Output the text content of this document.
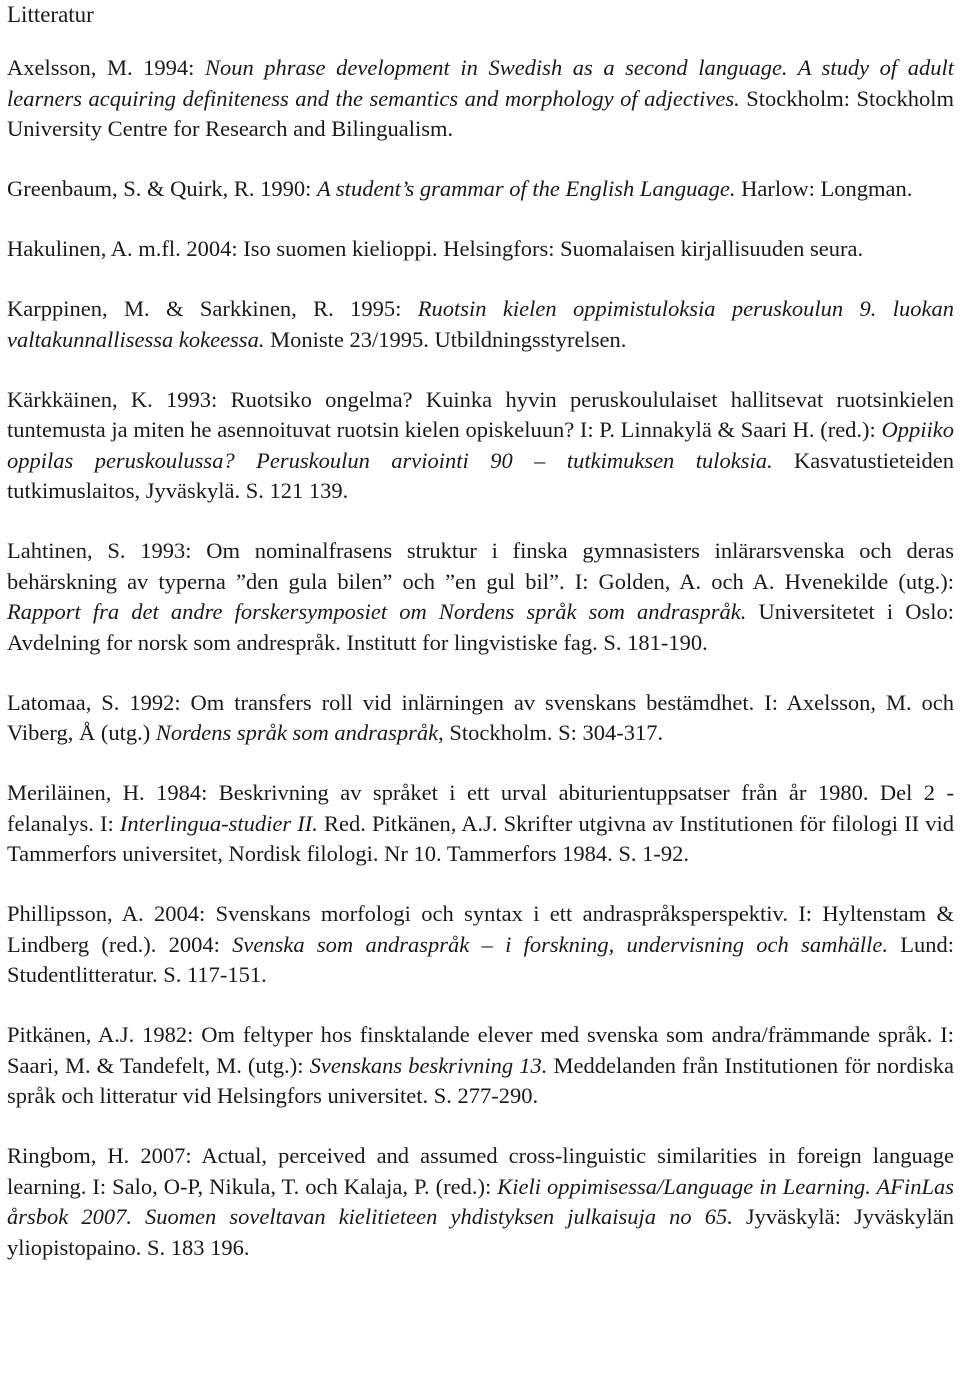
Litteratur

Axelsson, M. 1994: Noun phrase development in Swedish as a second language. A study of adult learners acquiring definiteness and the semantics and morphology of adjectives. Stockholm: Stockholm University Centre for Research and Bilingualism.

Greenbaum, S. & Quirk, R. 1990: A student’s grammar of the English Language. Harlow: Longman.

Hakulinen, A. m.fl. 2004: Iso suomen kielioppi. Helsingfors: Suomalaisen kirjallisuuden seura.

Karppinen, M. & Sarkkinen, R. 1995: Ruotsin kielen oppimistuloksia peruskoulun 9. luokan valtakunnallisessa kokeessa. Moniste 23/1995. Utbildningsstyrelsen.

Kärkkäinen, K. 1993: Ruotsiko ongelma? Kuinka hyvin peruskoululaiset hallitsevat ruotsinkielen tuntemusta ja miten he asennoituvat ruotsin kielen opiskeluun? I: P. Linnakylä & Saari H. (red.): Oppiiko oppilas peruskoulussa? Peruskoulun arviointi 90 – tutkimuksen tuloksia. Kasvatustieteiden tutkimuslaitos, Jyväskylä. S. 121 139.

Lahtinen, S. 1993: Om nominalfrasens struktur i finska gymnasisters inlärarsvenska och deras behärskning av typerna ”den gula bilen” och ”en gul bil”. I: Golden, A. och A. Hvenekilde (utg.): Rapport fra det andre forskersymposiet om Nordens språk som andraspråk. Universitetet i Oslo: Avdelning for norsk som andrespråk. Institutt for lingvistiske fag. S. 181-190.

Latomaa, S. 1992: Om transfers roll vid inlärningen av svenskans bestämdhet. I: Axelsson, M. och Viberg, Å (utg.) Nordens språk som andraspråk, Stockholm. S: 304-317.

Meriläinen, H. 1984: Beskrivning av språket i ett urval abiturientuppsatser från år 1980. Del 2 - felanalys. I: Interlingua-studier II. Red. Pitkänen, A.J. Skrifter utgivna av Institutionen för filologi II vid Tammerfors universitet, Nordisk filologi. Nr 10. Tammerfors 1984. S. 1-92.

Phillipsson, A. 2004: Svenskans morfologi och syntax i ett andraspråksperspektiv. I: Hyltenstam & Lindberg (red.). 2004: Svenska som andraspråk – i forskning, undervisning och samhälle. Lund: Studentlitteratur. S. 117-151.

Pitkänen, A.J. 1982: Om feltyper hos finsktalande elever med svenska som andra/främmande språk. I: Saari, M. & Tandefelt, M. (utg.): Svenskans beskrivning 13. Meddelanden från Institutionen för nordiska språk och litteratur vid Helsingfors universitet. S. 277-290.

Ringbom, H. 2007: Actual, perceived and assumed cross-linguistic similarities in foreign language learning. I: Salo, O-P, Nikula, T. och Kalaja, P. (red.): Kieli oppimisessa/Language in Learning. AFinLas årsbok 2007. Suomen soveltavan kielitieteen yhdistyksen julkaisuja no 65. Jyväskylä: Jyväskylän yliopistopaino. S. 183 196.
